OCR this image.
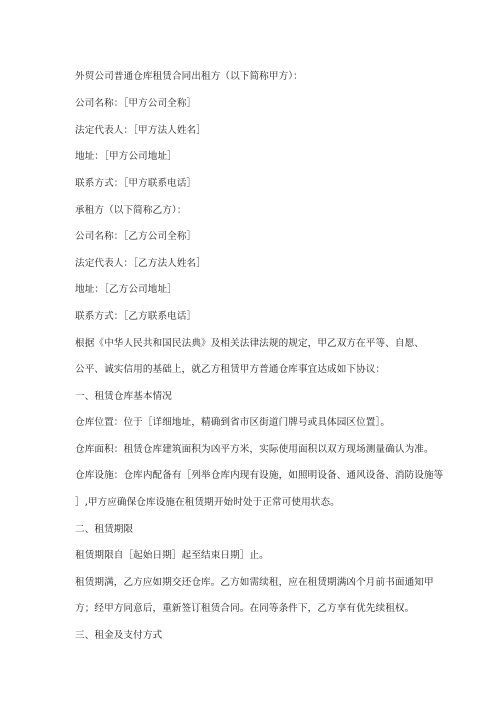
外贸公司普通仓库租赁合同出租方（以下简称甲方）：
公司名称：［甲方公司全称］
法定代表人：［甲方法人姓名］
地址：［甲方公司地址］
联系方式：［甲方联系电话］
承租方（以下简称乙方）：
公司名称：［乙方公司全称］
法定代表人：［乙方法人姓名］
地址：［乙方公司地址］
联系方式：［乙方联系电话］
根据《中华人民共和国民法典》及相关法律法规的规定，甲乙双方在平等、自愿、
公平、诚实信用的基础上，就乙方租赁甲方普通仓库事宜达成如下协议：
一、租赁仓库基本情况
仓库位置：位于［详细地址，精确到省市区街道门牌号或具体园区位置］。
仓库面积：租赁仓库建筑面积为凶平方米，实际使用面积以双方现场测量确认为准。
仓库设施：仓库内配备有［列举仓库内现有设施，如照明设备、通风设备、消防设施等
］,甲方应确保仓库设施在租赁期开始时处于正常可使用状态。
二、租赁期限
租赁期限自［起始日期］起至结束日期］止。
租赁期满，乙方应如期交还仓库。乙方如需续租，应在租赁期满凶个月前书面通知甲
方；经甲方同意后，重新签订租赁合同。在同等条件下，乙方享有优先续租权。
三、租金及支付方式
